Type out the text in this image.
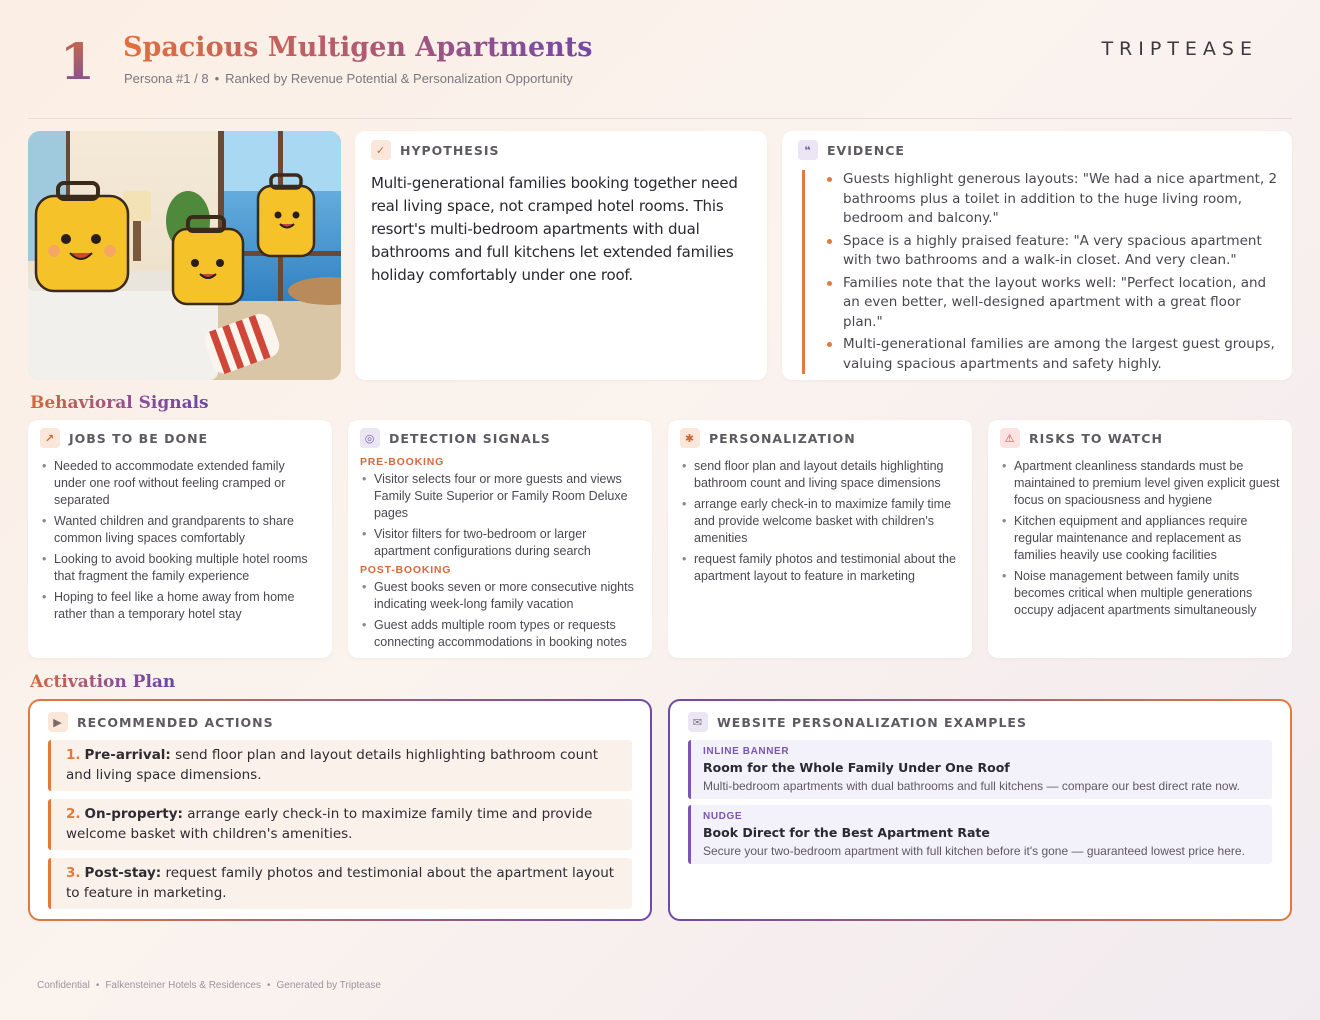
1 Spacious Multigen Apartments
Persona #1 / 8 • Ranked by Revenue Potential & Personalization Opportunity
TRIPTEASE
✓	HYPOTHESIS
Multi-generational families booking together need real living space, not cramped hotel rooms. This resort's multi-bedroom apartments with dual bathrooms and full kitchens let extended families holiday comfortably under one roof.
❝	EVIDENCE
Guests highlight generous layouts: "We had a nice apartment, 2 bathrooms plus a toilet in addition to the huge living room, bedroom and balcony."
Space is a highly praised feature: "A very spacious apartment with two bathrooms and a walk-in closet. And very clean."
Families note that the layout works well: "Perfect location, and an even better, well-designed apartment with a great floor plan."
Multi-generational families are among the largest guest groups, valuing spacious apartments and safety highly.
Behavioral Signals
↗	JOBS TO BE DONE
• Needed to accommodate extended family under one roof without feeling cramped or separated
• Wanted children and grandparents to share common living spaces comfortably
• Looking to avoid booking multiple hotel rooms that fragment the family experience
• Hoping to feel like a home away from home rather than a temporary hotel stay
◎	DETECTION SIGNALS
PRE-BOOKING
• Visitor selects four or more guests and views Family Suite Superior or Family Room Deluxe pages
• Visitor filters for two-bedroom or larger apartment configurations during search
POST-BOOKING
• Guest books seven or more consecutive nights indicating week-long family vacation
• Guest adds multiple room types or requests connecting accommodations in booking notes
✱	PERSONALIZATION
• send floor plan and layout details highlighting bathroom count and living space dimensions
• arrange early check-in to maximize family time and provide welcome basket with children's amenities
• request family photos and testimonial about the apartment layout to feature in marketing
⚠	RISKS TO WATCH
• Apartment cleanliness standards must be maintained to premium level given explicit guest focus on spaciousness and hygiene
• Kitchen equipment and appliances require regular maintenance and replacement as families heavily use cooking facilities
• Noise management between family units becomes critical when multiple generations occupy adjacent apartments simultaneously
Activation Plan
▶	RECOMMENDED ACTIONS
1. Pre-arrival: send floor plan and layout details highlighting bathroom count and living space dimensions.
2. On-property: arrange early check-in to maximize family time and provide welcome basket with children's amenities.
3. Post-stay: request family photos and testimonial about the apartment layout to feature in marketing.
✉	WEBSITE PERSONALIZATION EXAMPLES
INLINE BANNER
Room for the Whole Family Under One Roof
Multi-bedroom apartments with dual bathrooms and full kitchens — compare our best direct rate now.
NUDGE
Book Direct for the Best Apartment Rate
Secure your two-bedroom apartment with full kitchen before it's gone — guaranteed lowest price here.
Confidential • Falkensteiner Hotels & Residences • Generated by Triptease
